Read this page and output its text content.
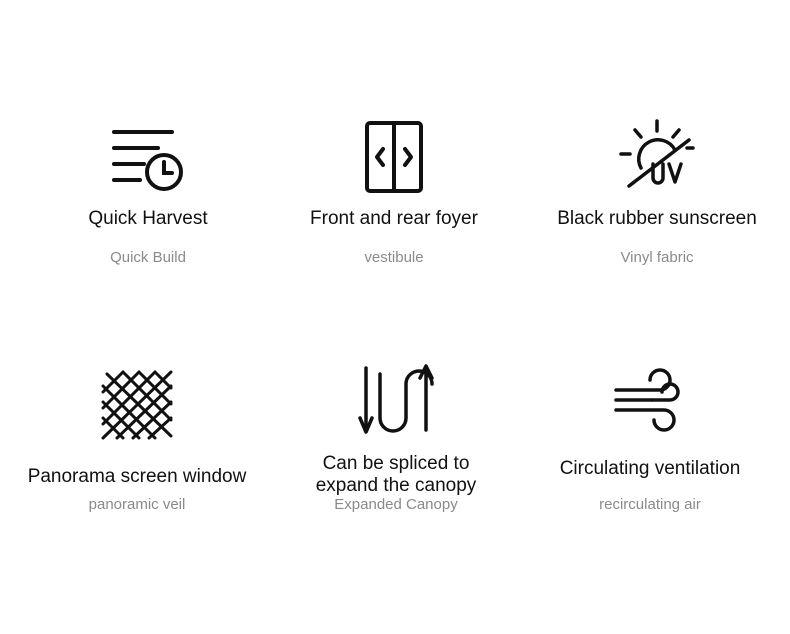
Quick Harvest
Quick Build
Front and rear foyer
vestibule
Black rubber sunscreen
Vinyl fabric
Panorama screen window
panoramic veil
Can be spliced to
expand the canopy
Expanded Canopy
Circulating ventilation
recirculating air
